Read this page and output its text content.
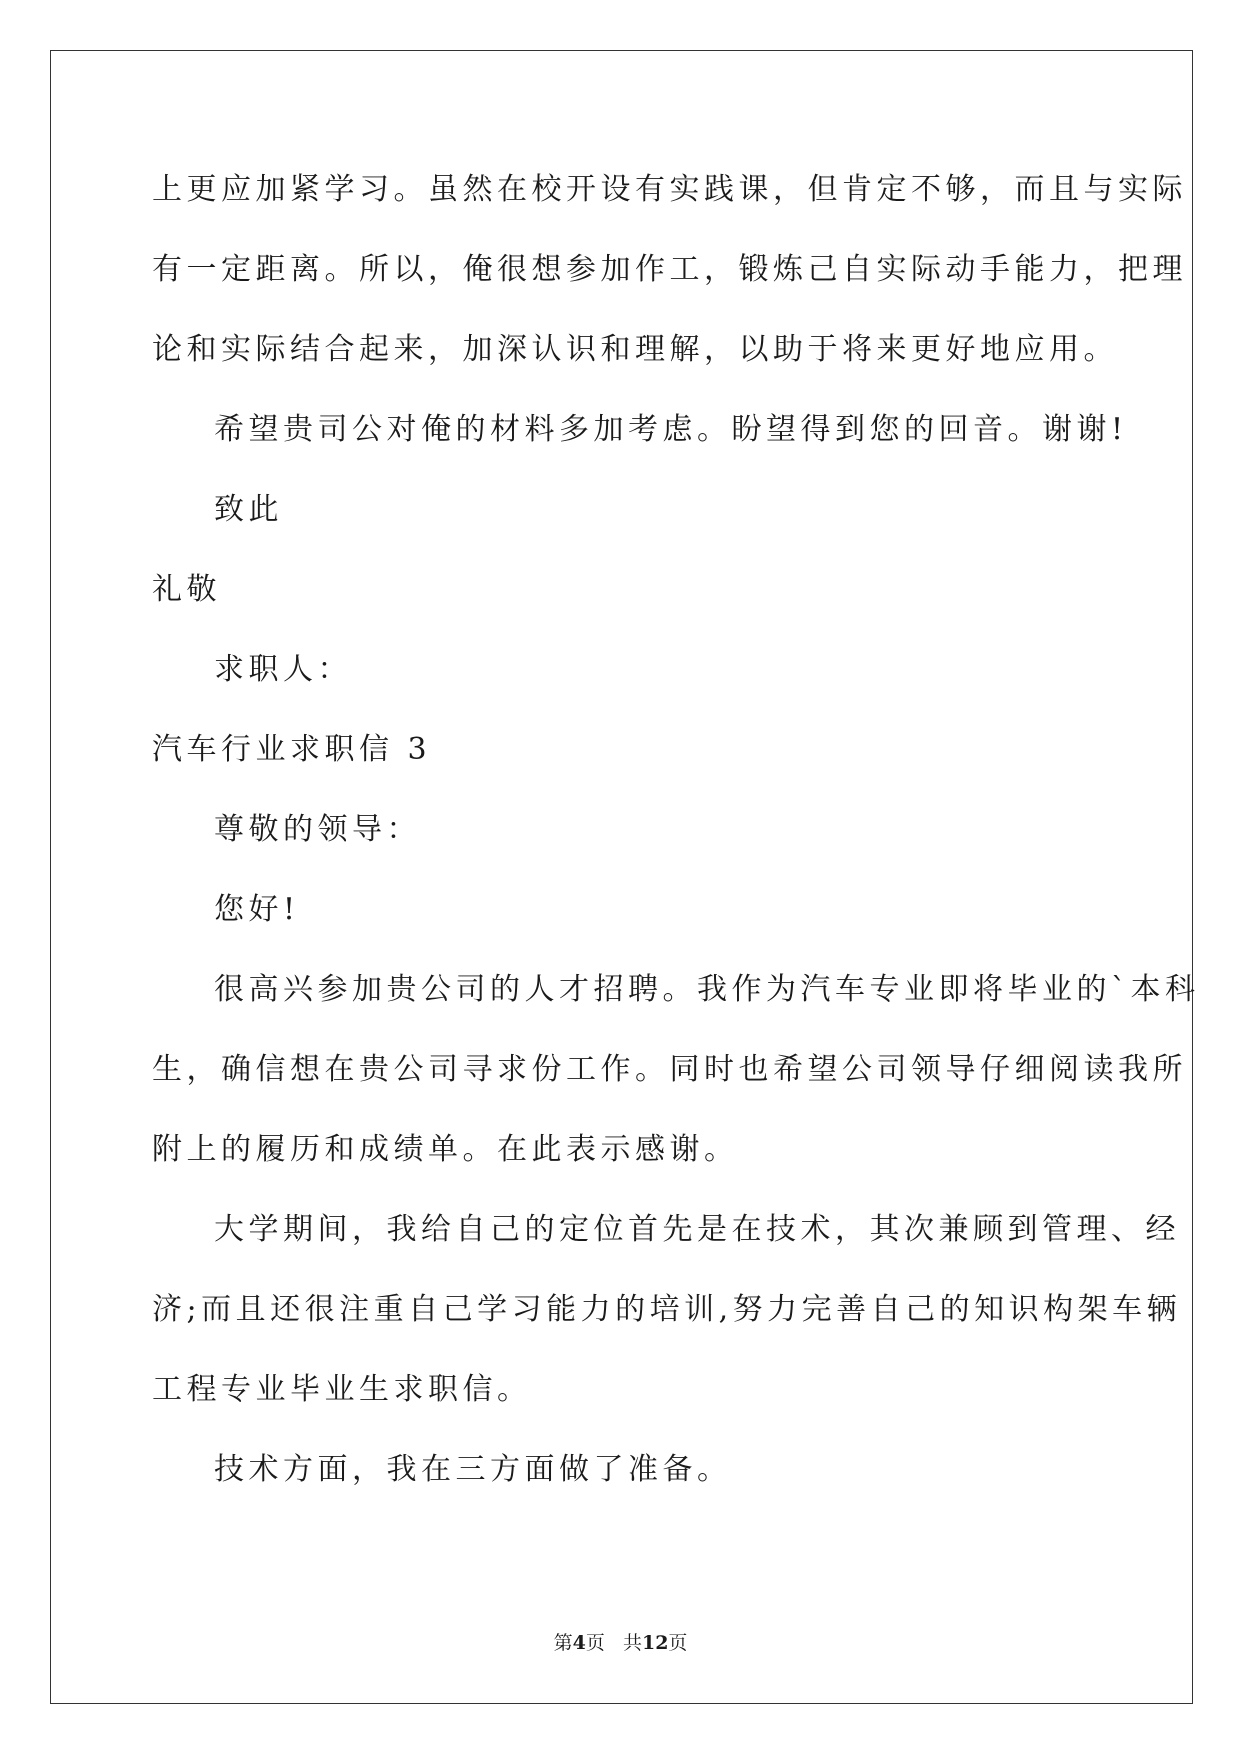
上更应加紧学习。虽然在校开设有实践课，但肯定不够，而且与实际
有一定距离。所以，俺很想参加作工，锻炼己自实际动手能力，把理
论和实际结合起来，加深认识和理解，以助于将来更好地应用。
希望贵司公对俺的材料多加考虑。盼望得到您的回音。谢谢!
致此
礼敬
求职人：
汽车行业求职信 3
尊敬的领导：
您好!
很高兴参加贵公司的人才招聘。我作为汽车专业即将毕业的`本科
生，确信想在贵公司寻求份工作。同时也希望公司领导仔细阅读我所
附上的履历和成绩单。在此表示感谢。
大学期间，我给自己的定位首先是在技术，其次兼顾到管理、经
济;而且还很注重自己学习能力的培训,努力完善自己的知识构架车辆
工程专业毕业生求职信。
技术方面，我在三方面做了准备。
第4页 共12页
